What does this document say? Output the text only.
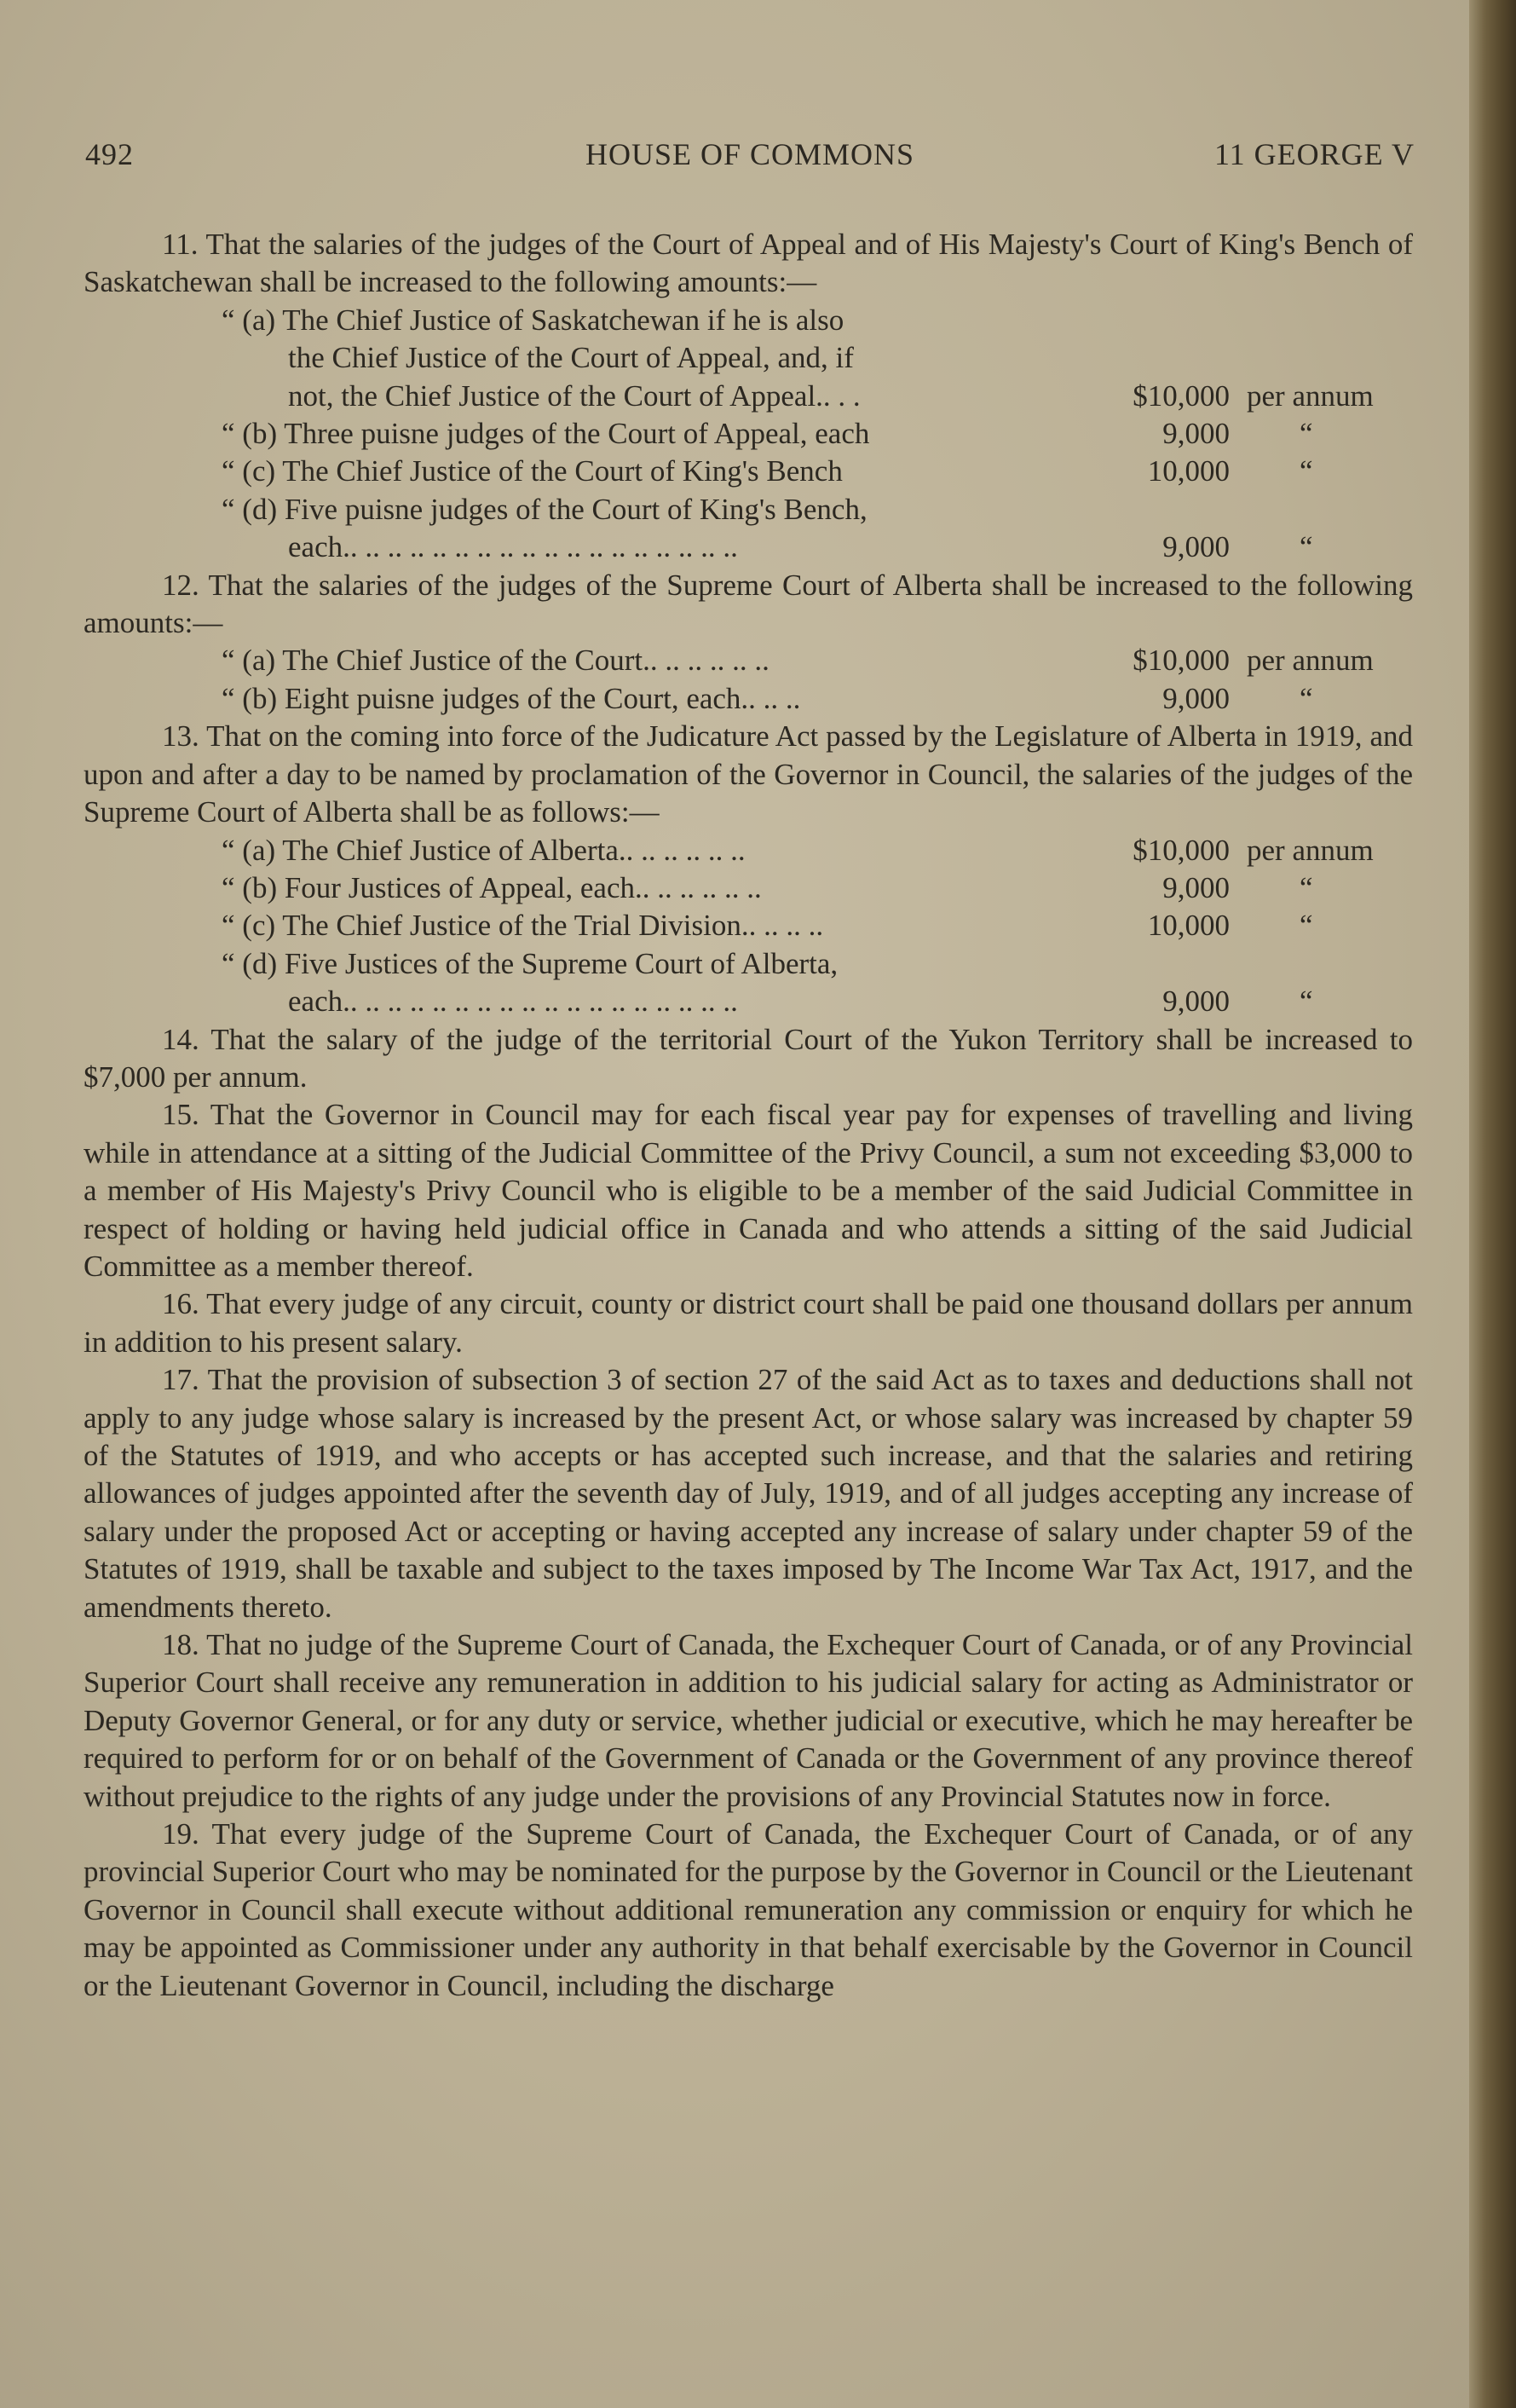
492	HOUSE OF COMMONS	11 GEORGE V

11. That the salaries of the judges of the Court of Appeal and of His Majesty's Court of King's Bench of Saskatchewan shall be increased to the following amounts:—

“ (a) The Chief Justice of Saskatchewan if he is also
the Chief Justice of the Court of Appeal, and, if
not, the Chief Justice of the Court of Appeal.. . .	$10,000 per annum
“ (b) Three puisne judges of the Court of Appeal, each	9,000	“
“ (c) The Chief Justice of the Court of King's Bench	10,000	“
“ (d) Five puisne judges of the Court of King's Bench,
each.. .. .. .. .. .. .. .. .. .. .. .. .. .. .. .. .. ..	9,000	“

12. That the salaries of the judges of the Supreme Court of Alberta shall be increased to the following amounts:—

“ (a) The Chief Justice of the Court.. .. .. .. .. ..	$10,000 per annum
“ (b) Eight puisne judges of the Court, each.. .. ..	9,000	“

13. That on the coming into force of the Judicature Act passed by the Legislature of Alberta in 1919, and upon and after a day to be named by proclamation of the Governor in Council, the salaries of the judges of the Supreme Court of Alberta shall be as follows:—

“ (a) The Chief Justice of Alberta.. .. .. .. .. ..	$10,000 per annum
“ (b) Four Justices of Appeal, each.. .. .. .. .. ..	9,000	“
“ (c) The Chief Justice of the Trial Division.. .. .. ..	10,000	“
“ (d) Five Justices of the Supreme Court of Alberta,
each.. .. .. .. .. .. .. .. .. .. .. .. .. .. .. .. .. ..	9,000	“

14. That the salary of the judge of the territorial Court of the Yukon Territory shall be increased to $7,000 per annum.

15. That the Governor in Council may for each fiscal year pay for expenses of travelling and living while in attendance at a sitting of the Judicial Committee of the Privy Council, a sum not exceeding $3,000 to a member of His Majesty's Privy Council who is eligible to be a member of the said Judicial Committee in respect of holding or having held judicial office in Canada and who attends a sitting of the said Judicial Committee as a member thereof.

16. That every judge of any circuit, county or district court shall be paid one thousand dollars per annum in addition to his present salary.

17. That the provision of subsection 3 of section 27 of the said Act as to taxes and deductions shall not apply to any judge whose salary is increased by the present Act, or whose salary was increased by chapter 59 of the Statutes of 1919, and who accepts or has accepted such increase, and that the salaries and retiring allowances of judges appointed after the seventh day of July, 1919, and of all judges accepting any increase of salary under the proposed Act or accepting or having accepted any increase of salary under chapter 59 of the Statutes of 1919, shall be taxable and subject to the taxes imposed by The Income War Tax Act, 1917, and the amendments thereto.

18. That no judge of the Supreme Court of Canada, the Exchequer Court of Canada, or of any Provincial Superior Court shall receive any remuneration in addition to his judicial salary for acting as Administrator or Deputy Governor General, or for any duty or service, whether judicial or executive, which he may hereafter be required to perform for or on behalf of the Government of Canada or the Government of any province thereof without prejudice to the rights of any judge under the provisions of any Provincial Statutes now in force.

19. That every judge of the Supreme Court of Canada, the Exchequer Court of Canada, or of any provincial Superior Court who may be nominated for the purpose by the Governor in Council or the Lieutenant Governor in Council shall execute without additional remuneration any commission or enquiry for which he may be appointed as Commissioner under any authority in that behalf exercisable by the Governor in Council or the Lieutenant Governor in Council, including the discharge
